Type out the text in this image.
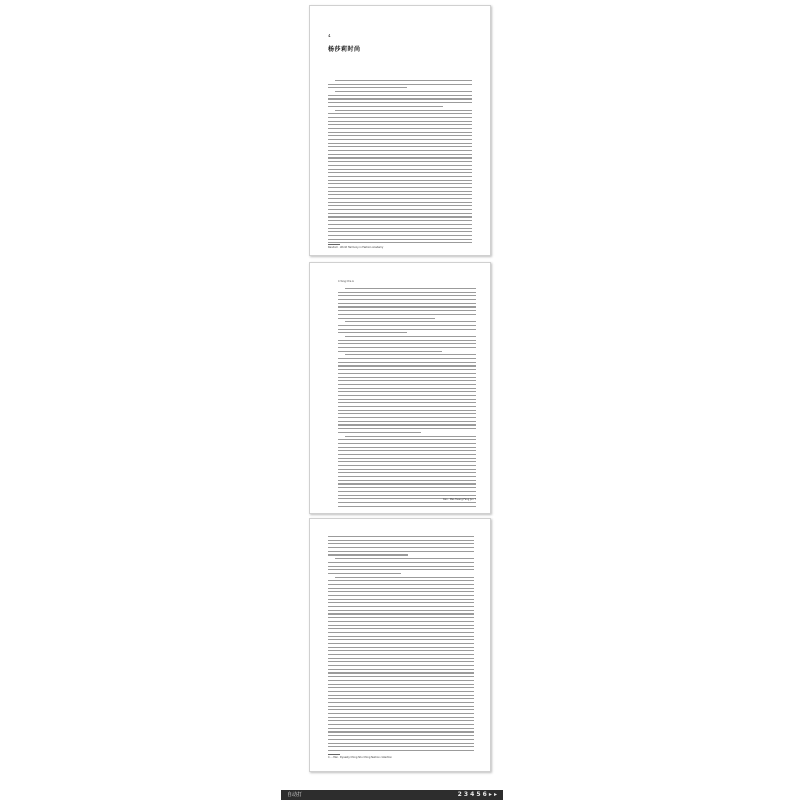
4
杨莎莉时尚
Random · World Harmony in Fashion Academy
4 Yang Cha Li
Kao · Mei-Huang Feng Jun 7
4 … Mei · Dynasty Ching Shu Ching fashion collection
自动打	2 3 4 5 6 ▸ ▸
